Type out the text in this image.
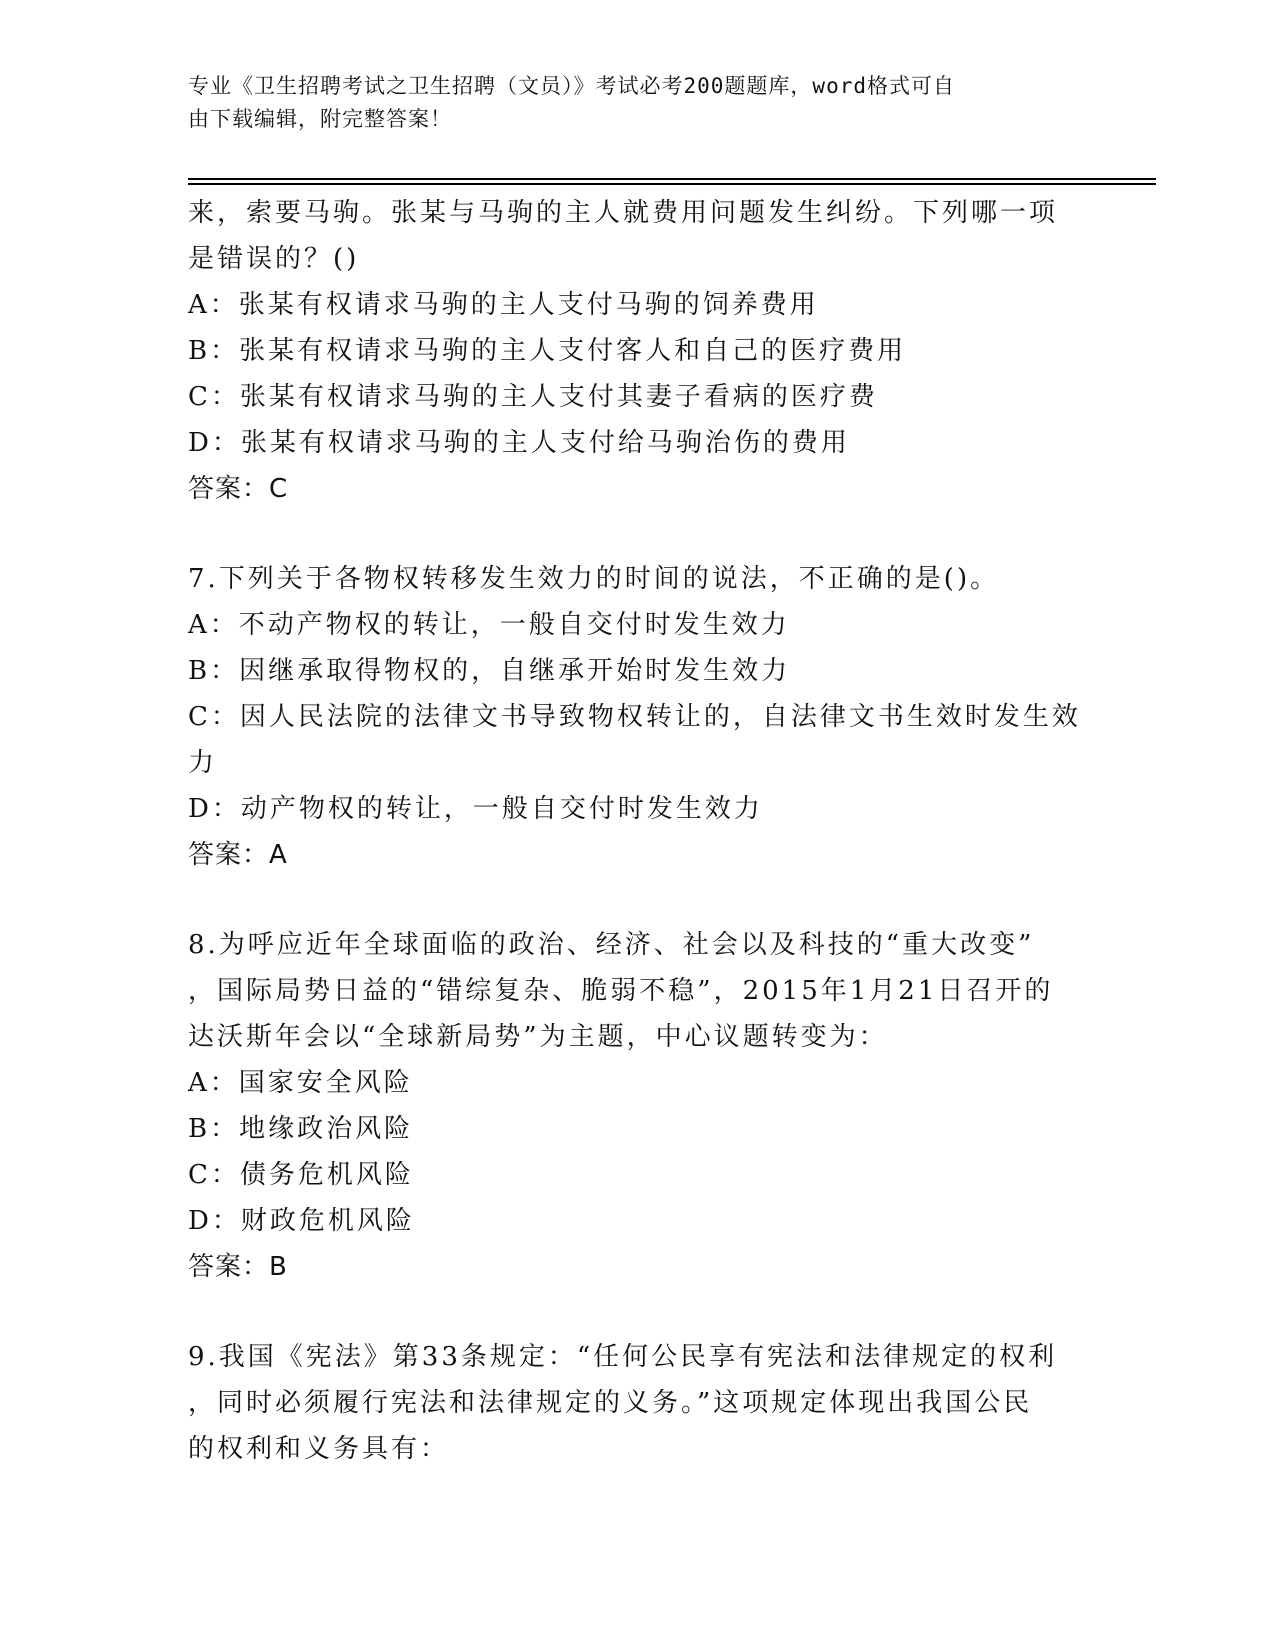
专业《卫生招聘考试之卫生招聘（文员）》考试必考200题题库，word格式可自
由下载编辑，附完整答案！
来，索要马驹。张某与马驹的主人就费用问题发生纠纷。下列哪一项
是错误的？()
A：张某有权请求马驹的主人支付马驹的饲养费用
B：张某有权请求马驹的主人支付客人和自己的医疗费用
C：张某有权请求马驹的主人支付其妻子看病的医疗费
D：张某有权请求马驹的主人支付给马驹治伤的费用
答案：C
7.下列关于各物权转移发生效力的时间的说法，不正确的是()。
A：不动产物权的转让，一般自交付时发生效力
B：因继承取得物权的，自继承开始时发生效力
C：因人民法院的法律文书导致物权转让的，自法律文书生效时发生效
力
D：动产物权的转让，一般自交付时发生效力
答案：A
8.为呼应近年全球面临的政治、经济、社会以及科技的“重大改变”
，国际局势日益的“错综复杂、脆弱不稳”，2015年1月21日召开的
达沃斯年会以“全球新局势”为主题，中心议题转变为：
A：国家安全风险
B：地缘政治风险
C：债务危机风险
D：财政危机风险
答案：B
9.我国《宪法》第33条规定：“任何公民享有宪法和法律规定的权利
，同时必须履行宪法和法律规定的义务。”这项规定体现出我国公民
的权利和义务具有：
